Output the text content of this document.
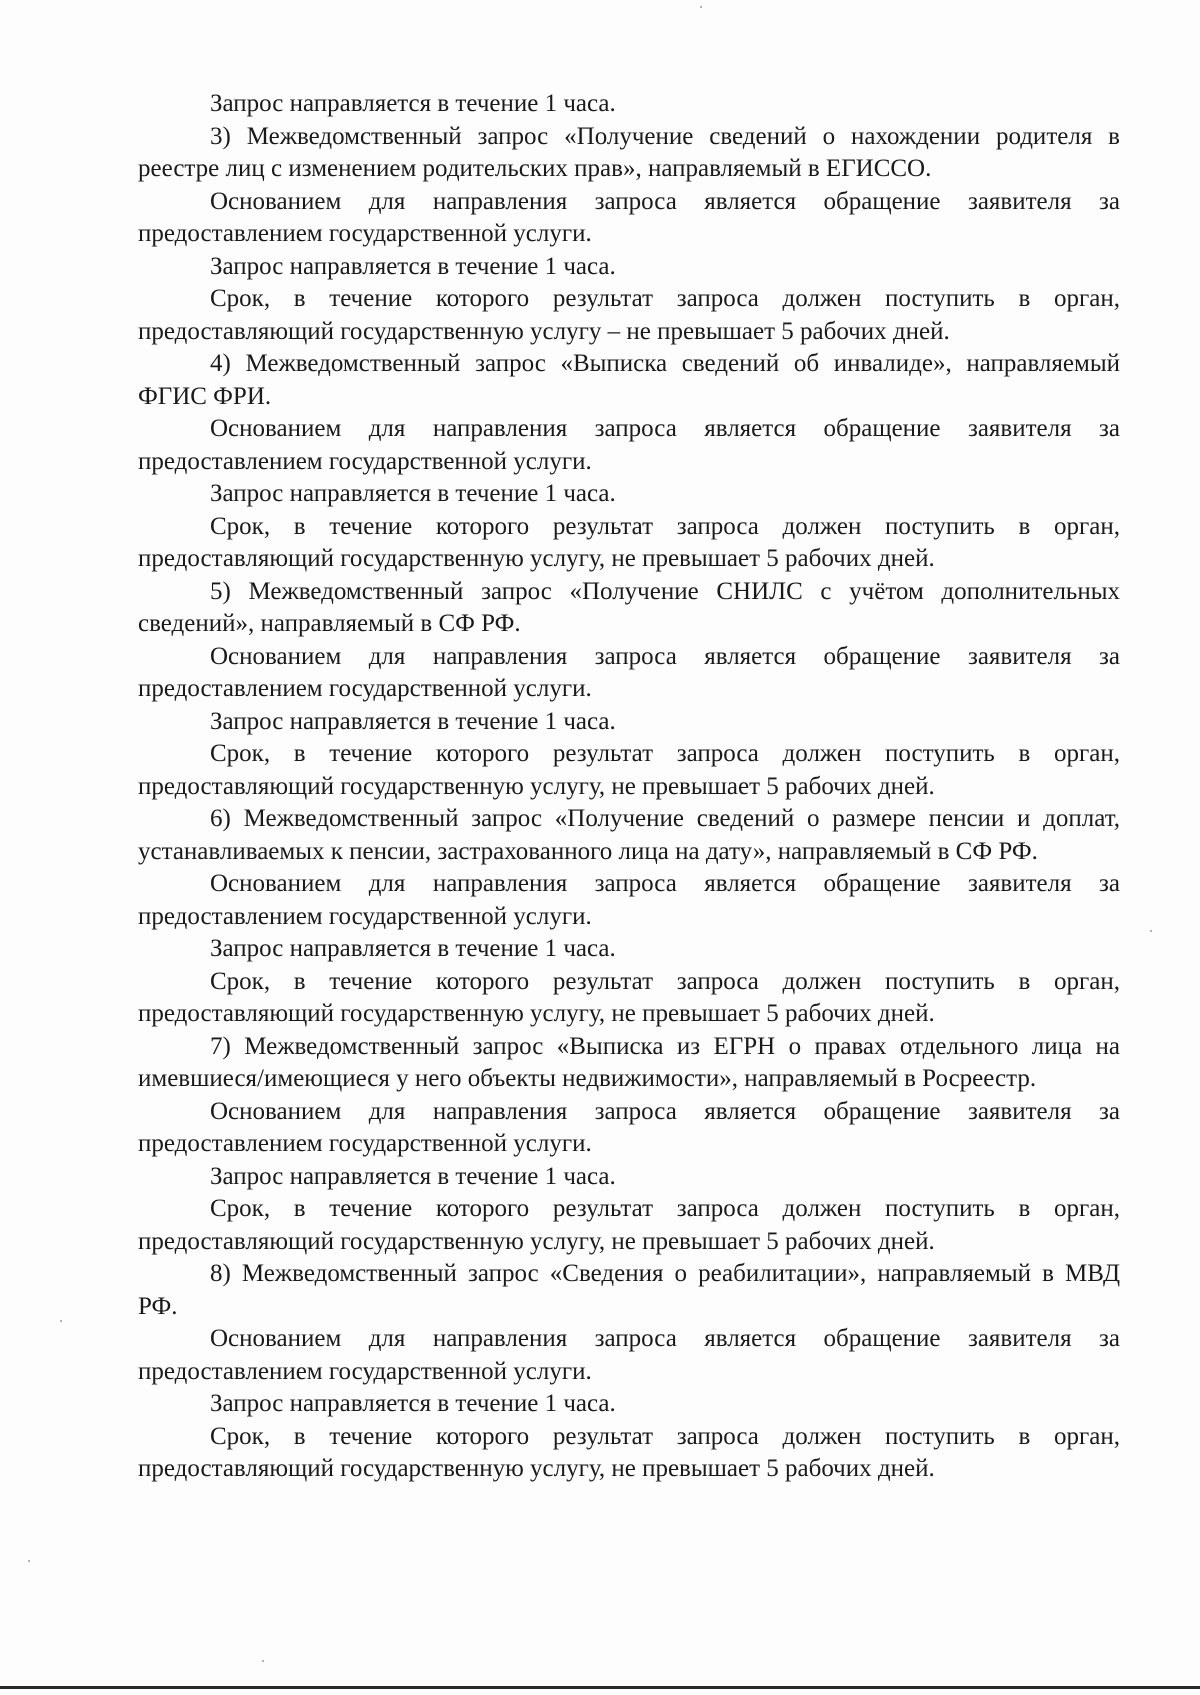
Запрос направляется в течение 1 часа.

3) Межведомственный запрос «Получение сведений о нахождении родителя в реестре лиц с изменением родительских прав», направляемый в ЕГИССО.

Основанием для направления запроса является обращение заявителя за предоставлением государственной услуги.

Запрос направляется в течение 1 часа.

Срок, в течение которого результат запроса должен поступить в орган, предоставляющий государственную услугу – не превышает 5 рабочих дней.

4) Межведомственный запрос «Выписка сведений об инвалиде», направляемый ФГИС ФРИ.

Основанием для направления запроса является обращение заявителя за предоставлением государственной услуги.

Запрос направляется в течение 1 часа.

Срок, в течение которого результат запроса должен поступить в орган, предоставляющий государственную услугу, не превышает 5 рабочих дней.

5) Межведомственный запрос «Получение СНИЛС с учётом дополнительных сведений», направляемый в СФ РФ.

Основанием для направления запроса является обращение заявителя за предоставлением государственной услуги.

Запрос направляется в течение 1 часа.

Срок, в течение которого результат запроса должен поступить в орган, предоставляющий государственную услугу, не превышает 5 рабочих дней.

6) Межведомственный запрос «Получение сведений о размере пенсии и доплат, устанавливаемых к пенсии, застрахованного лица на дату», направляемый в СФ РФ.

Основанием для направления запроса является обращение заявителя за предоставлением государственной услуги.

Запрос направляется в течение 1 часа.

Срок, в течение которого результат запроса должен поступить в орган, предоставляющий государственную услугу, не превышает 5 рабочих дней.

7) Межведомственный запрос «Выписка из ЕГРН о правах отдельного лица на имевшиеся/имеющиеся у него объекты недвижимости», направляемый в Росреестр.

Основанием для направления запроса является обращение заявителя за предоставлением государственной услуги.

Запрос направляется в течение 1 часа.

Срок, в течение которого результат запроса должен поступить в орган, предоставляющий государственную услугу, не превышает 5 рабочих дней.

8) Межведомственный запрос «Сведения о реабилитации», направляемый в МВД РФ.

Основанием для направления запроса является обращение заявителя за предоставлением государственной услуги.

Запрос направляется в течение 1 часа.

Срок, в течение которого результат запроса должен поступить в орган, предоставляющий государственную услугу, не превышает 5 рабочих дней.
